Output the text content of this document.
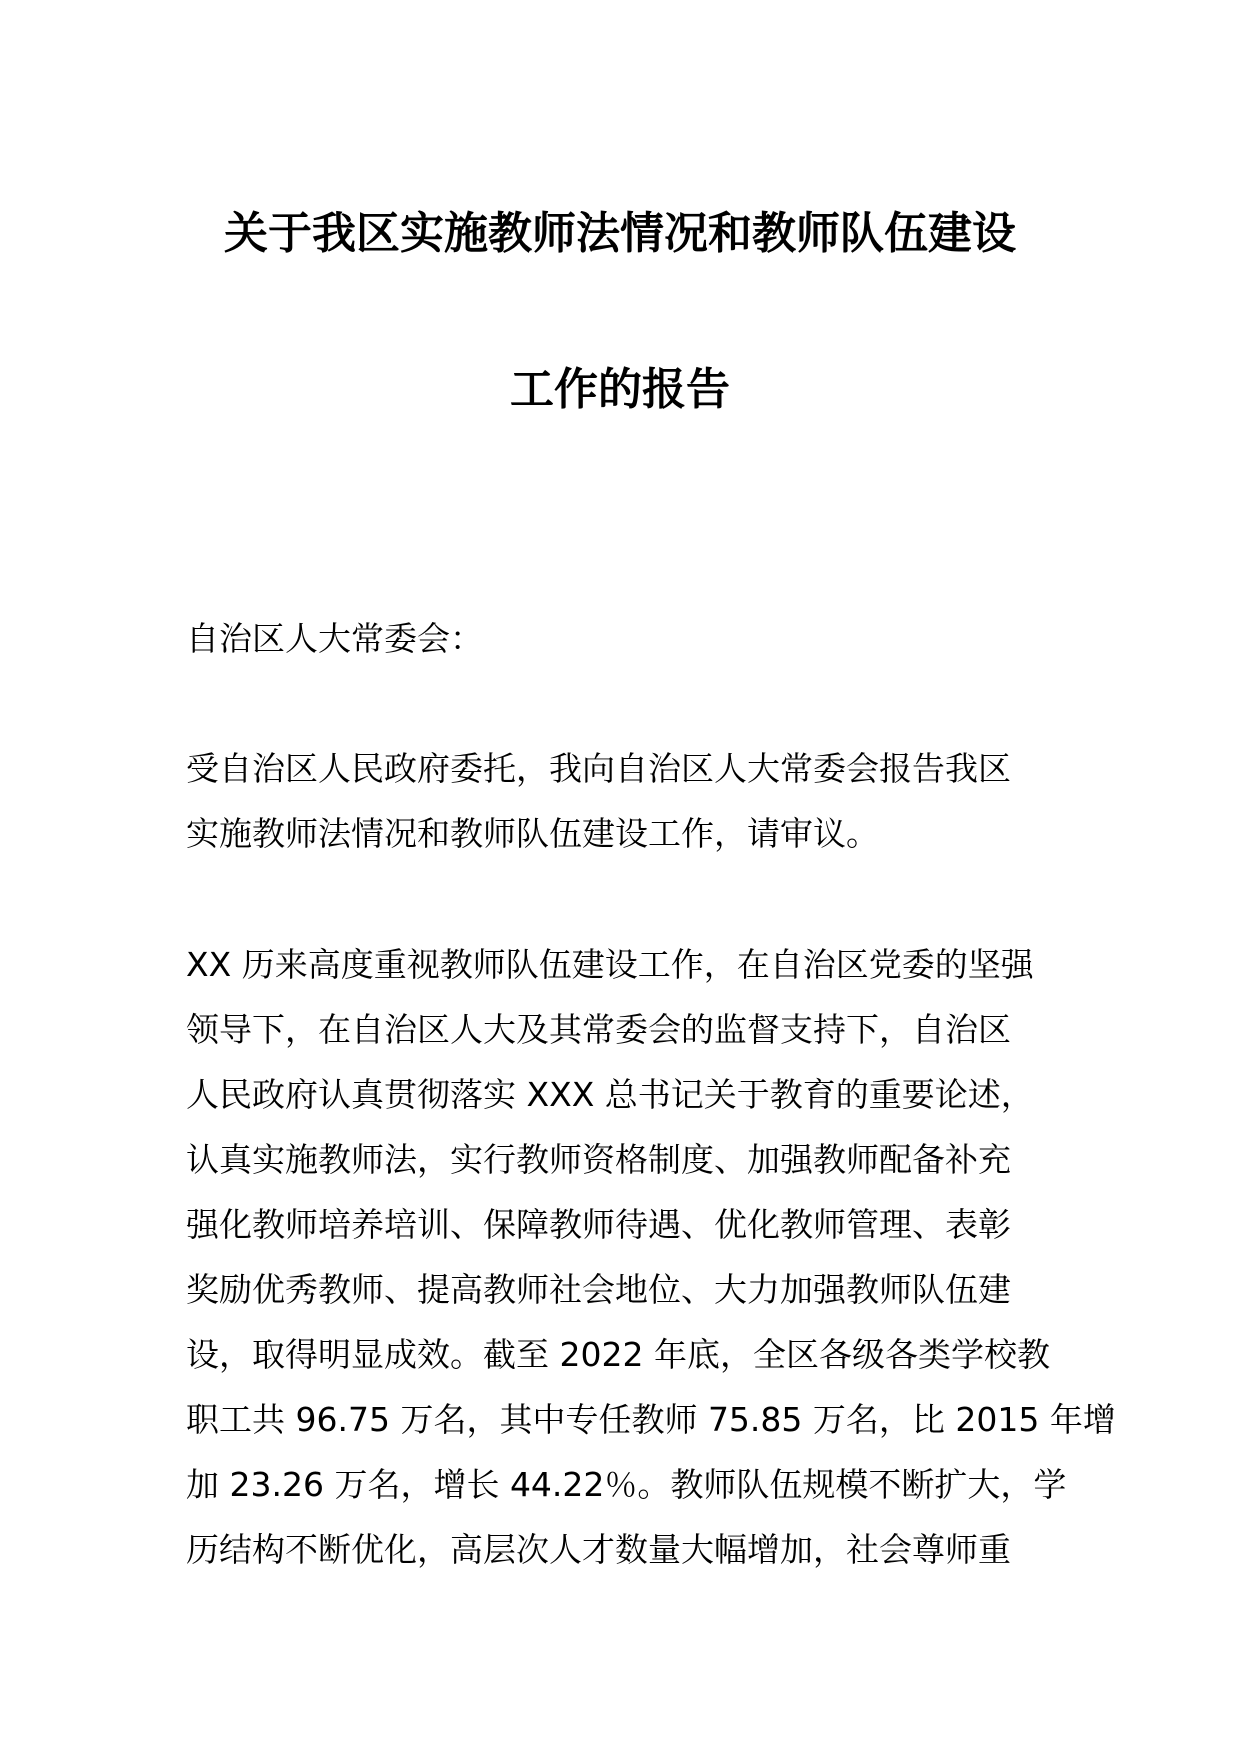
关于我区实施教师法情况和教师队伍建设
工作的报告
自治区人大常委会：
受自治区人民政府委托，我向自治区人大常委会报告我区
实施教师法情况和教师队伍建设工作，请审议。
XX 历来高度重视教师队伍建设工作，在自治区党委的坚强
领导下，在自治区人大及其常委会的监督支持下，自治区
人民政府认真贯彻落实 XXX 总书记关于教育的重要论述，
认真实施教师法，实行教师资格制度、加强教师配备补充
强化教师培养培训、保障教师待遇、优化教师管理、表彰
奖励优秀教师、提高教师社会地位、大力加强教师队伍建
设，取得明显成效。截至 2022 年底，全区各级各类学校教
职工共 96.75 万名，其中专任教师 75.85 万名，比 2015 年增
加 23.26 万名，增长 44.22％。教师队伍规模不断扩大，学
历结构不断优化，高层次人才数量大幅增加，社会尊师重
